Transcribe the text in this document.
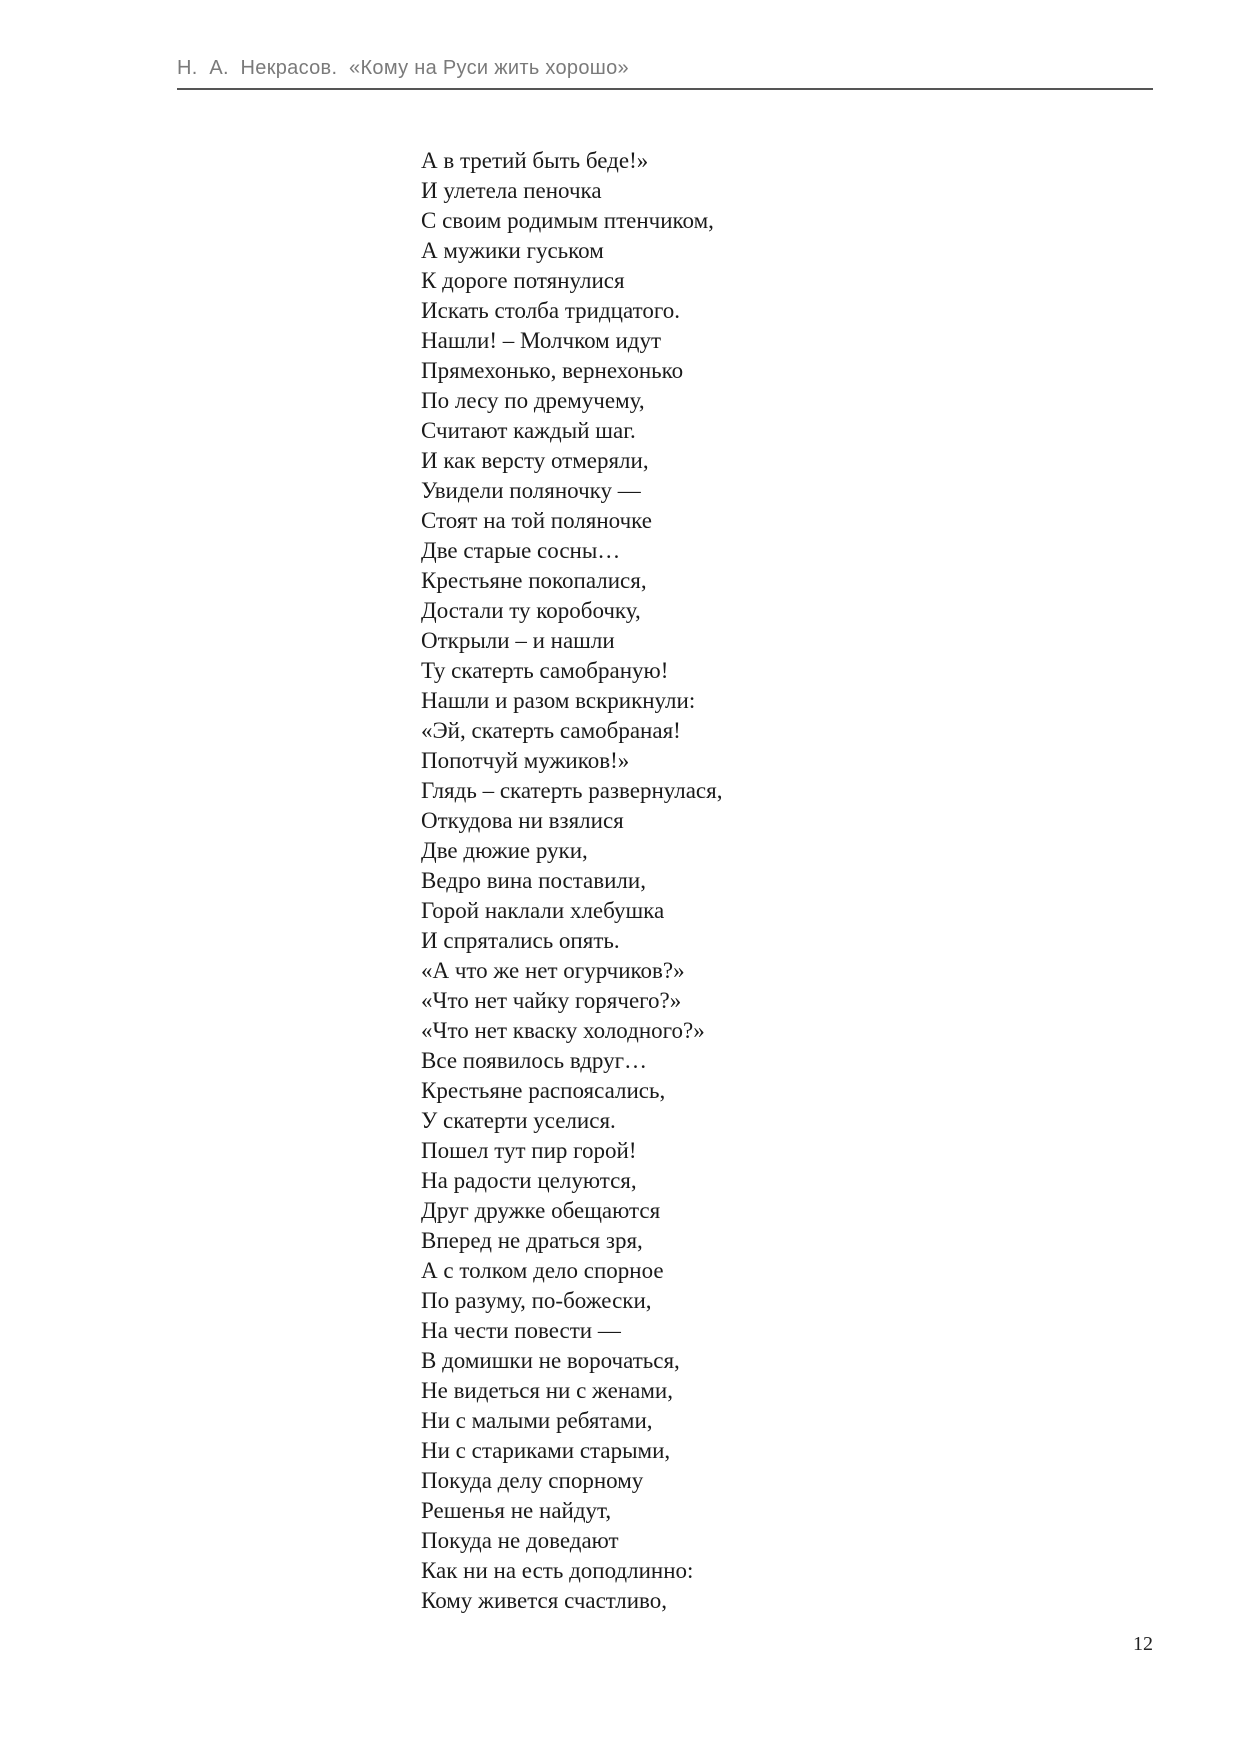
Н.  А.  Некрасов.  «Кому на Руси жить хорошо»
А в третий быть беде!»
И улетела пеночка
С своим родимым птенчиком,
А мужики гуськом
К дороге потянулися
Искать столба тридцатого.
Нашли! – Молчком идут
Прямехонько, вернехонько
По лесу по дремучему,
Считают каждый шаг.
И как версту отмеряли,
Увидели поляночку —
Стоят на той поляночке
Две старые сосны…
Крестьяне покопалися,
Достали ту коробочку,
Открыли – и нашли
Ту скатерть самобраную!
Нашли и разом вскрикнули:
«Эй, скатерть самобраная!
Попотчуй мужиков!»
Глядь – скатерть развернулася,
Откудова ни взялися
Две дюжие руки,
Ведро вина поставили,
Горой наклали хлебушка
И спрятались опять.
«А что же нет огурчиков?»
«Что нет чайку горячего?»
«Что нет кваску холодного?»
Все появилось вдруг…
Крестьяне распоясались,
У скатерти уселися.
Пошел тут пир горой!
На радости целуются,
Друг дружке обещаются
Вперед не драться зря,
А с толком дело спорное
По разуму, по-божески,
На чести повести —
В домишки не ворочаться,
Не видеться ни с женами,
Ни с малыми ребятами,
Ни с стариками старыми,
Покуда делу спорному
Решенья не найдут,
Покуда не доведают
Как ни на есть доподлинно:
Кому живется счастливо,
12
